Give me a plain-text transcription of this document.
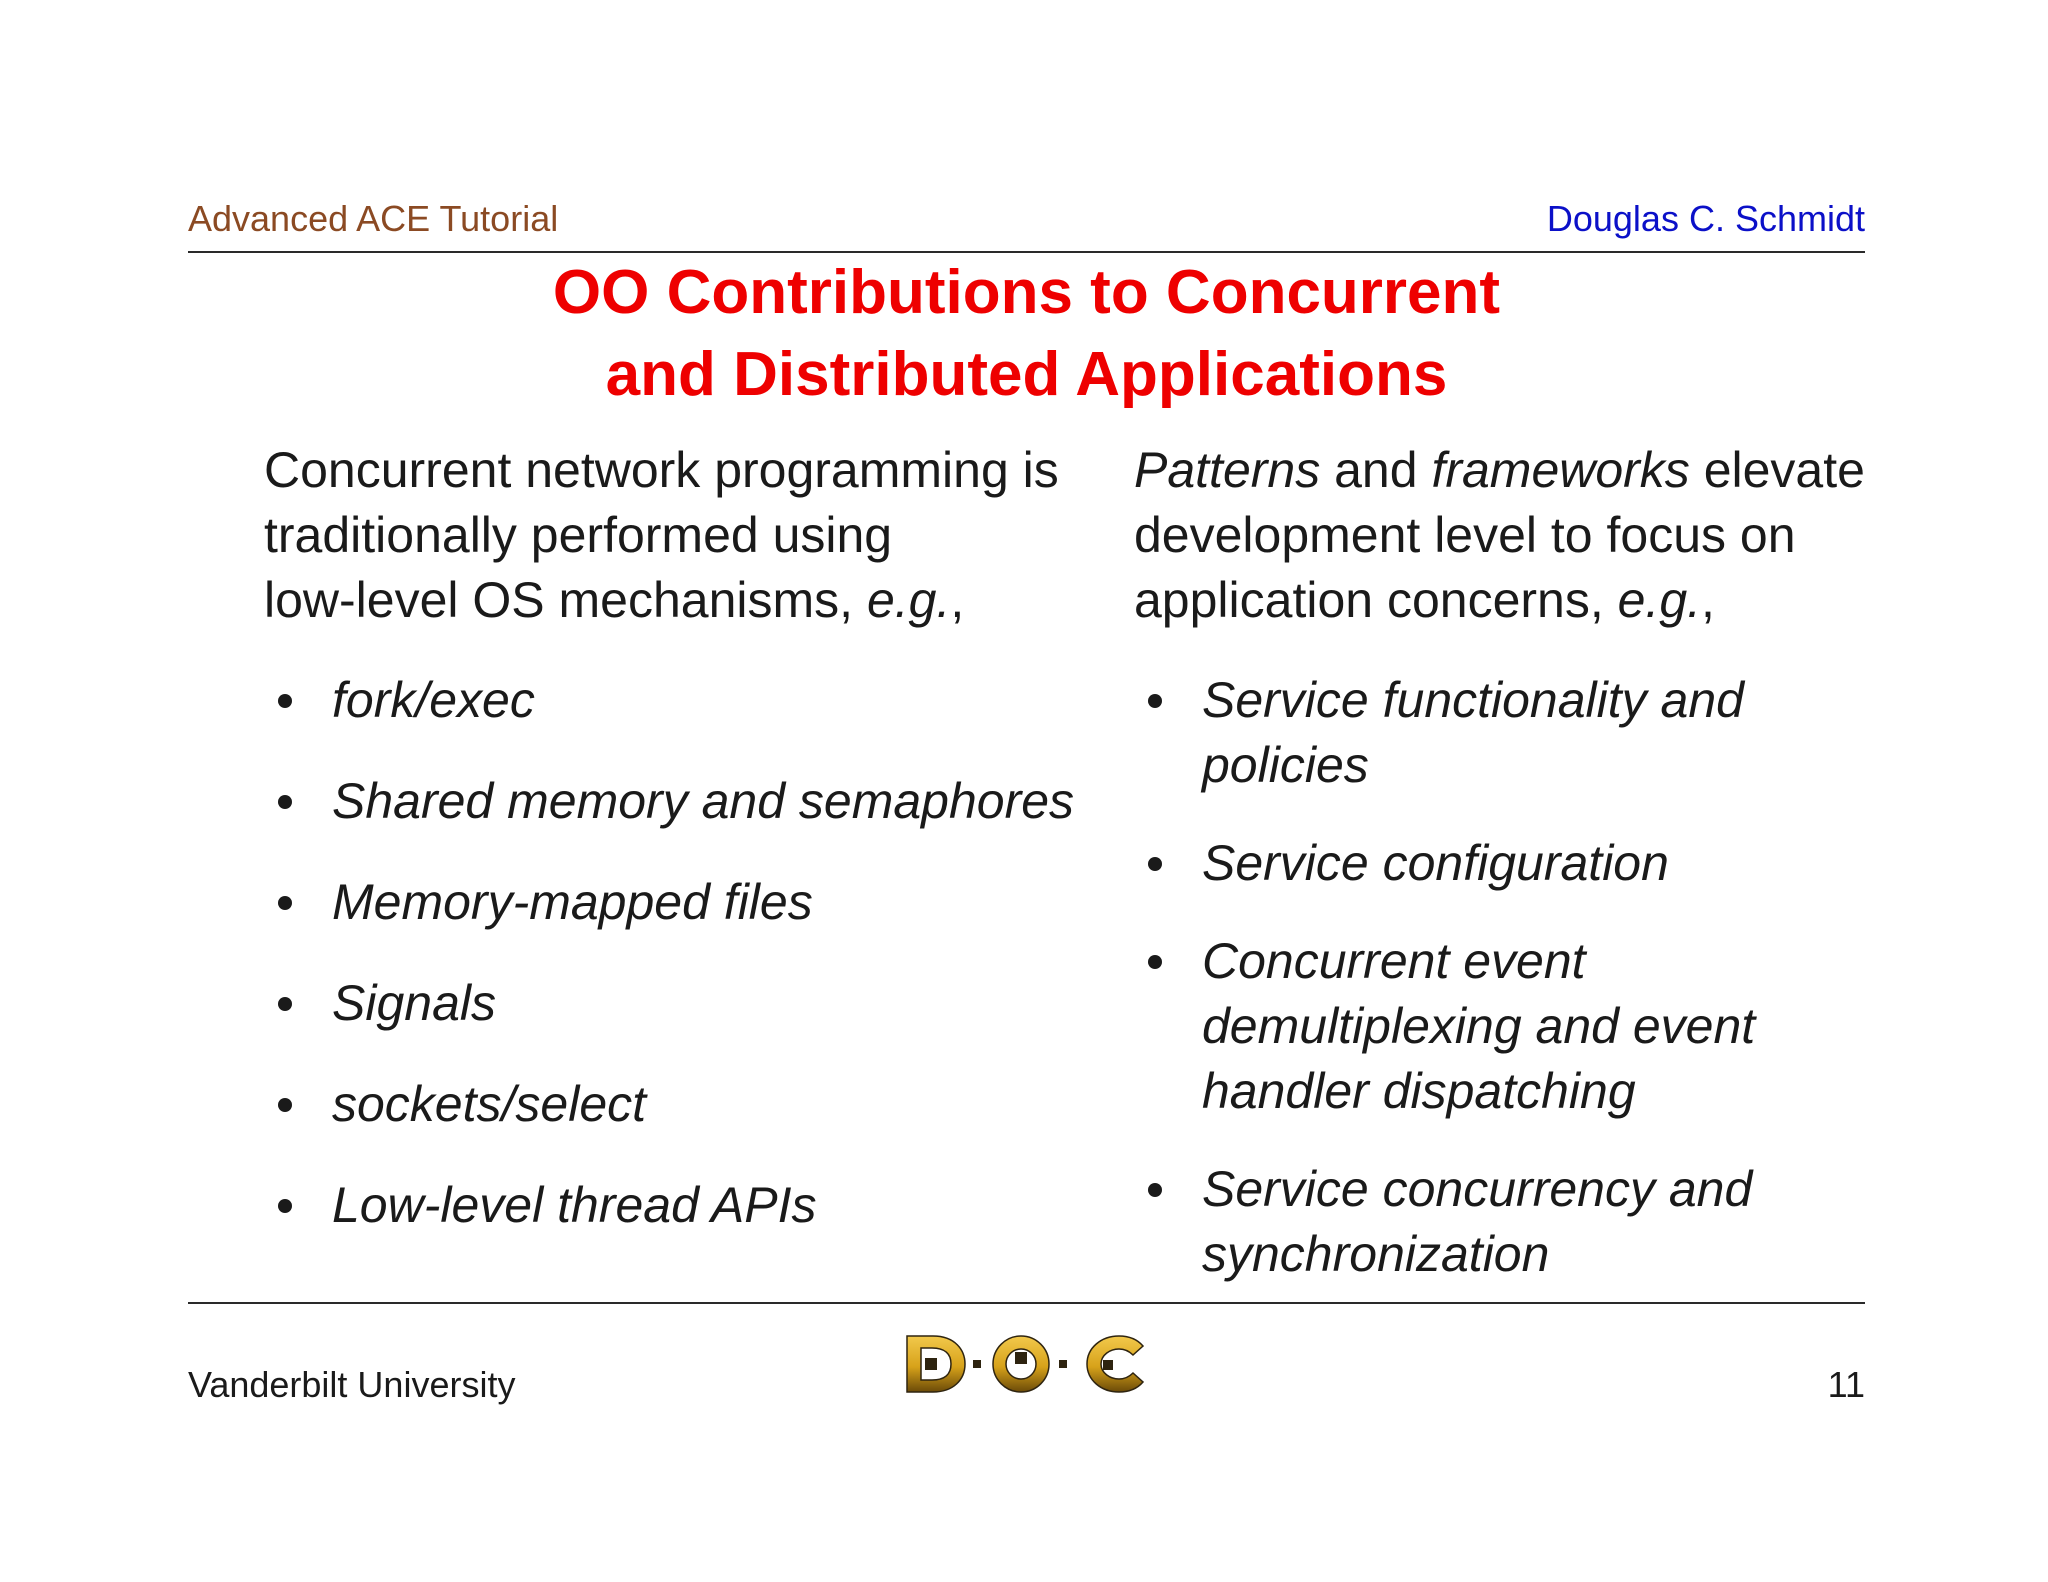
Advanced ACE Tutorial	Douglas C. Schmidt
OO Contributions to Concurrent
and Distributed Applications
Concurrent network programming is
traditionally performed using
low-level OS mechanisms, e.g.,
fork/exec
Shared memory and semaphores
Memory-mapped files
Signals
sockets/select
Low-level thread APIs
Patterns and frameworks elevate
development level to focus on
application concerns, e.g.,
Service functionality and
policies
Service configuration
Concurrent event
demultiplexing and event
handler dispatching
Service concurrency and
synchronization
Vanderbilt University	11
